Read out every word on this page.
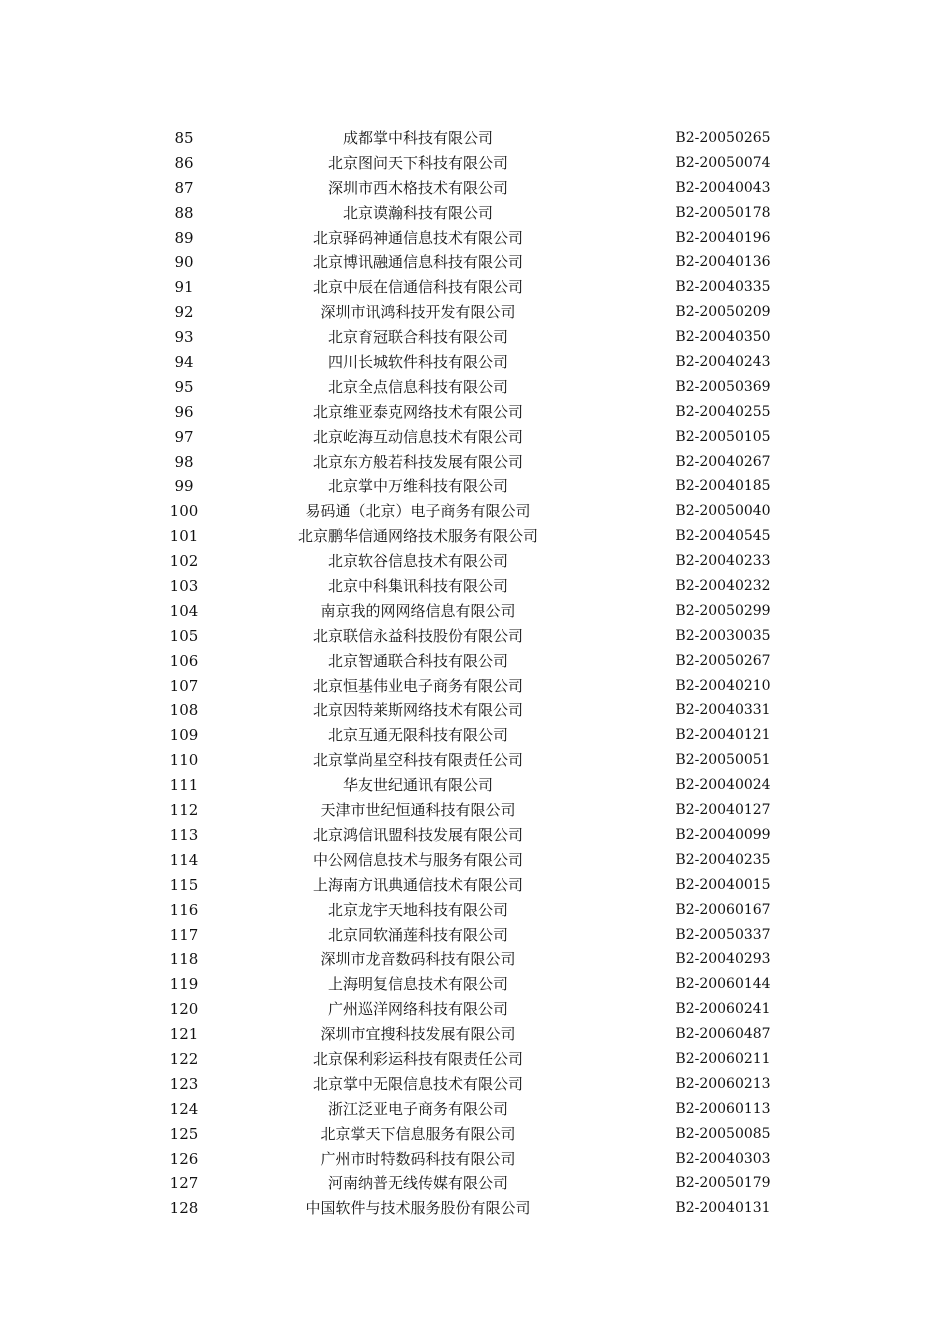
85	成都掌中科技有限公司	B2-20050265
86	北京图问天下科技有限公司	B2-20050074
87	深圳市西木格技术有限公司	B2-20040043
88	北京谟瀚科技有限公司	B2-20050178
89	北京驿码神通信息技术有限公司	B2-20040196
90	北京博讯融通信息科技有限公司	B2-20040136
91	北京中辰在信通信科技有限公司	B2-20040335
92	深圳市讯鸿科技开发有限公司	B2-20050209
93	北京育冠联合科技有限公司	B2-20040350
94	四川长城软件科技有限公司	B2-20040243
95	北京全点信息科技有限公司	B2-20050369
96	北京维亚泰克网络技术有限公司	B2-20040255
97	北京屹海互动信息技术有限公司	B2-20050105
98	北京东方般若科技发展有限公司	B2-20040267
99	北京掌中万维科技有限公司	B2-20040185
100	易码通（北京）电子商务有限公司	B2-20050040
101	北京鹏华信通网络技术服务有限公司	B2-20040545
102	北京软谷信息技术有限公司	B2-20040233
103	北京中科集讯科技有限公司	B2-20040232
104	南京我的网网络信息有限公司	B2-20050299
105	北京联信永益科技股份有限公司	B2-20030035
106	北京智通联合科技有限公司	B2-20050267
107	北京恒基伟业电子商务有限公司	B2-20040210
108	北京因特莱斯网络技术有限公司	B2-20040331
109	北京互通无限科技有限公司	B2-20040121
110	北京掌尚星空科技有限责任公司	B2-20050051
111	华友世纪通讯有限公司	B2-20040024
112	天津市世纪恒通科技有限公司	B2-20040127
113	北京鸿信讯盟科技发展有限公司	B2-20040099
114	中公网信息技术与服务有限公司	B2-20040235
115	上海南方讯典通信技术有限公司	B2-20040015
116	北京龙宇天地科技有限公司	B2-20060167
117	北京同软涌莲科技有限公司	B2-20050337
118	深圳市龙音数码科技有限公司	B2-20040293
119	上海明复信息技术有限公司	B2-20060144
120	广州巡洋网络科技有限公司	B2-20060241
121	深圳市宜搜科技发展有限公司	B2-20060487
122	北京保利彩运科技有限责任公司	B2-20060211
123	北京掌中无限信息技术有限公司	B2-20060213
124	浙江泛亚电子商务有限公司	B2-20060113
125	北京掌天下信息服务有限公司	B2-20050085
126	广州市时特数码科技有限公司	B2-20040303
127	河南纳普无线传媒有限公司	B2-20050179
128	中国软件与技术服务股份有限公司	B2-20040131
